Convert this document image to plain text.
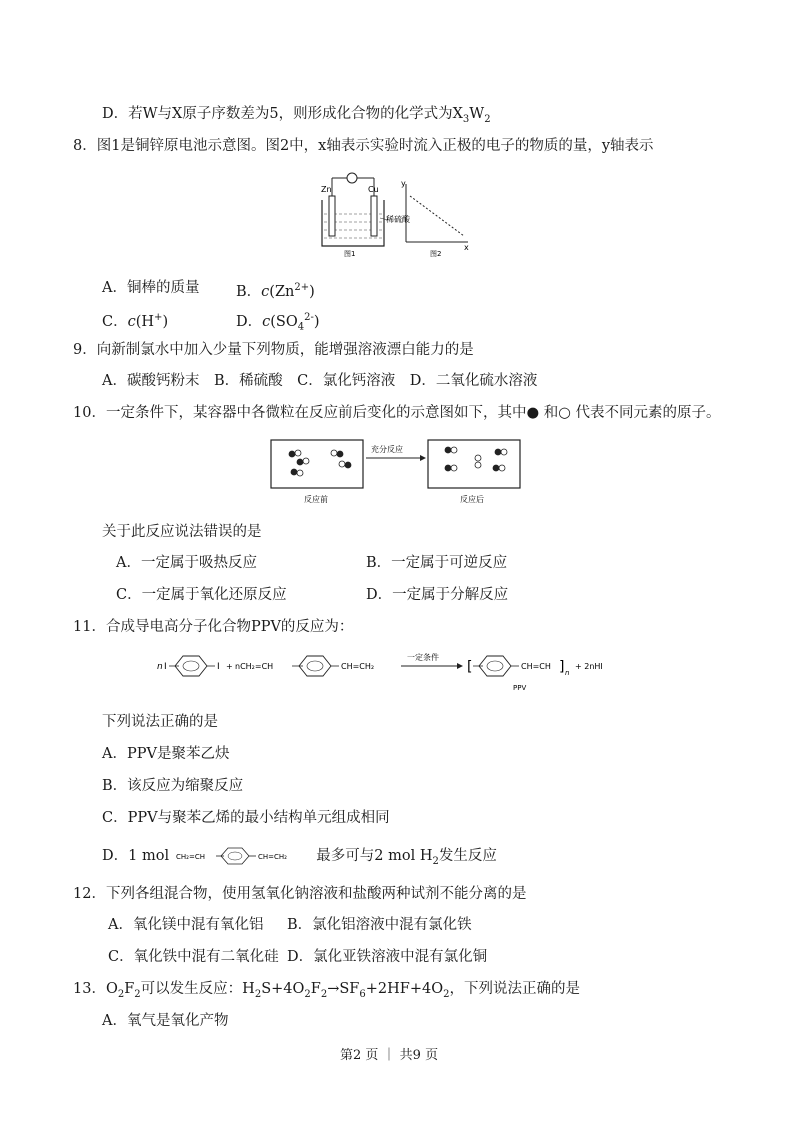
D．若W与X原子序数差为5，则形成化合物的化学式为$X_3W_2$
8．图1是铜锌原电池示意图。图2中，x轴表示实验时流入正极的电子的物质的量，y轴表示
Zn	Cu
稀硫酸
图1
y
x
图2
A．铜棒的质量	B．$c(Zn^{2+})$
C．c(H+)	D．$c(SO_4^{2-})$
9．向新制氯水中加入少量下列物质，能增强溶液漂白能力的是
A．碳酸钙粉末　B．稀硫酸　C．氯化钙溶液　D．二氧化硫水溶液
10．一定条件下，某容器中各微粒在反应前后变化的示意图如下，其中● 和○ 代表不同元素的原子。
充分反应
反应前	反应后
关于此反应说法错误的是
A．一定属于吸热反应	B．一定属于可逆反应
C．一定属于氧化还原反应	D．一定属于分解反应
11．合成导电高分子化合物PPV的反应为：
n I	I + nCH₂=CH	CH=CH₂
一定条件
[	CH=CH ] n
+ 2nHI
PPV
下列说法正确的是
A．PPV是聚苯乙炔
B．该反应为缩聚反应
C．PPV与聚苯乙烯的最小结构单元组成相同
D．1 mol CH₂=CH	CH=CH₂ 最多可与2 mol $H_2$发生反应
12．下列各组混合物，使用氢氧化钠溶液和盐酸两种试剂不能分离的是
A．氧化镁中混有氧化铝 B．氯化铝溶液中混有氯化铁
C．氧化铁中混有二氧化硅 D．氯化亚铁溶液中混有氯化铜
13．$O_2F_2$可以发生反应：$H_2S+4O_2F_2\to SF_6+2HF+4O_2$，下列说法正确的是
A．氧气是氧化产物
第2 页 ｜ 共9 页
